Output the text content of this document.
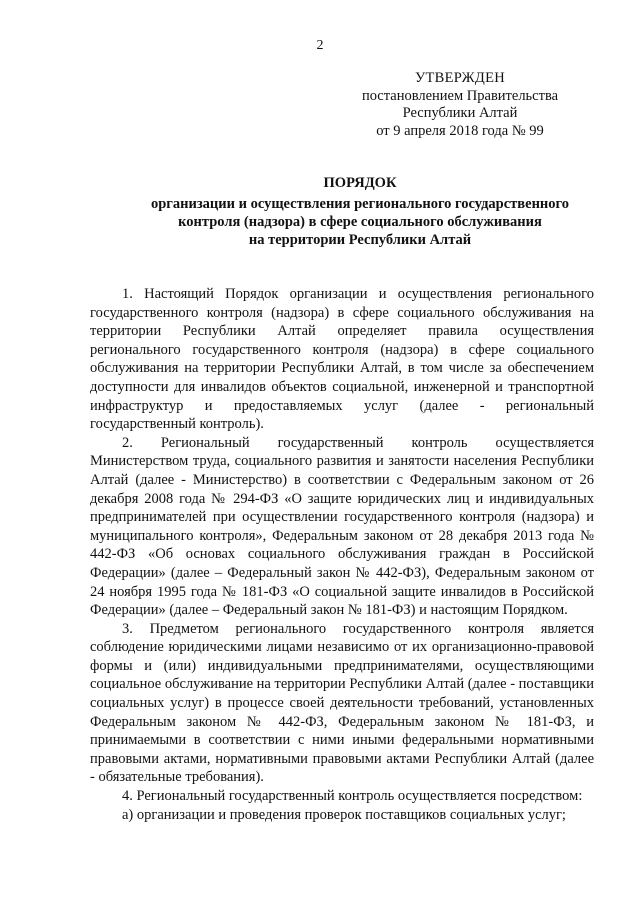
2
УТВЕРЖДЕН
постановлением Правительства
Республики Алтай
от 9 апреля 2018 года № 99
ПОРЯДОК
организации и осуществления регионального государственного
контроля (надзора) в сфере социального обслуживания
на территории Республики Алтай

1. Настоящий Порядок организации и осуществления регионального государственного контроля (надзора) в сфере социального обслуживания на территории Республики Алтай определяет правила осуществления регионального государственного контроля (надзора) в сфере социального обслуживания на территории Республики Алтай, в том числе за обеспечением доступности для инвалидов объектов социальной, инженерной и транспортной инфраструктур и предоставляемых услуг (далее - региональный государственный контроль).

2. Региональный государственный контроль осуществляется Министерством труда, социального развития и занятости населения Республики Алтай (далее - Министерство) в соответствии с Федеральным законом от 26 декабря 2008 года № 294-ФЗ «О защите юридических лиц и индивидуальных предпринимателей при осуществлении государственного контроля (надзора) и муниципального контроля», Федеральным законом от 28 декабря 2013 года № 442-ФЗ «Об основах социального обслуживания граждан в Российской Федерации» (далее – Федеральный закон № 442-ФЗ), Федеральным законом от 24 ноября 1995 года № 181-ФЗ «О социальной защите инвалидов в Российской Федерации» (далее – Федеральный закон № 181-ФЗ) и настоящим Порядком.

3. Предметом регионального государственного контроля является соблюдение юридическими лицами независимо от их организационно-правовой формы и (или) индивидуальными предпринимателями, осуществляющими социальное обслуживание на территории Республики Алтай (далее - поставщики социальных услуг) в процессе своей деятельности требований, установленных Федеральным законом № 442-ФЗ, Федеральным законом № 181-ФЗ, и принимаемыми в соответствии с ними иными федеральными нормативными правовыми актами, нормативными правовыми актами Республики Алтай (далее - обязательные требования).

4. Региональный государственный контроль осуществляется посредством:

а) организации и проведения проверок поставщиков социальных услуг;
